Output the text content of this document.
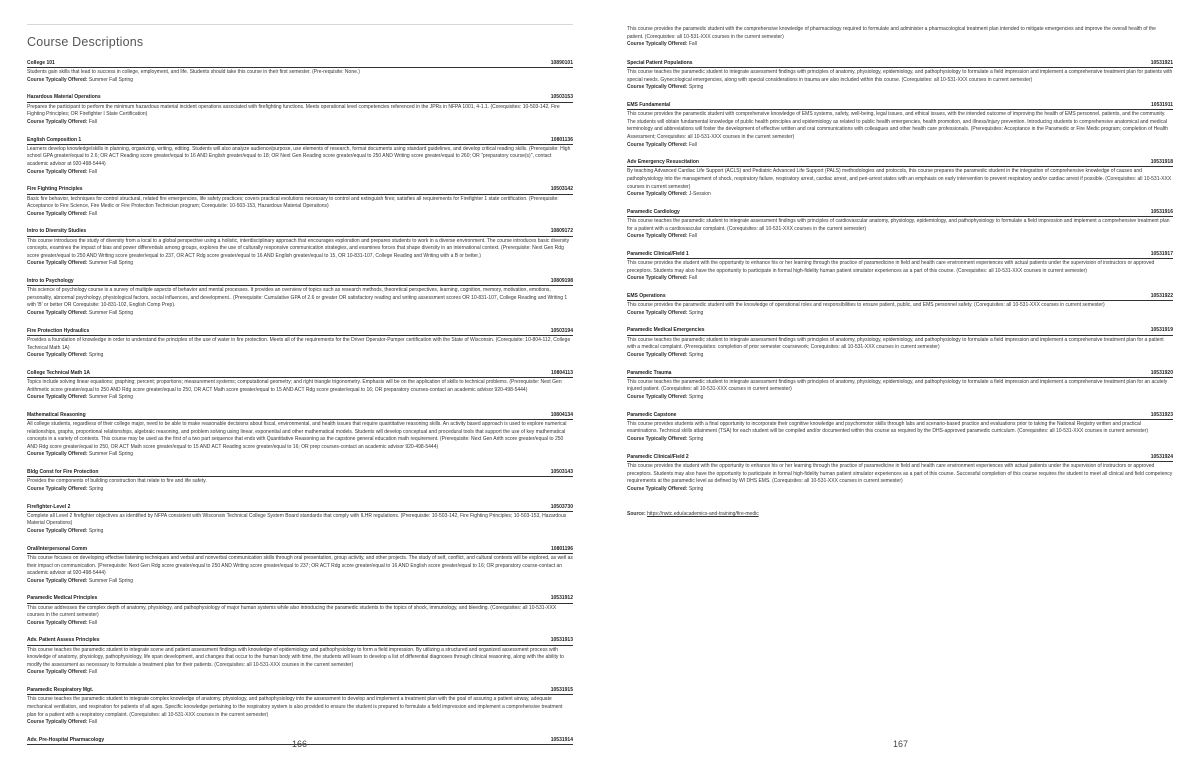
Course Descriptions
College 101	10890101
Students gain skills that lead to success in college, employment, and life. Students should take this course in their first semester. (Pre-requisite: None.)
Course Typically Offered: Summer Fall Spring
Hazardous Material Operations	10503153
Prepares the participant to perform the minimum hazardous material incident operations associated with firefighting functions. Meets operational level competencies referenced in the JPRs in NFPA 1001, 4-1.1. (Corequisites: 10-503-142, Fire Fighting Principles; OR Firefighter I State Certification)
Course Typically Offered: Fall
English Composition 1	10801136
Learners develop knowledge/skills in planning, organizing, writing, editing. Students will also analyze audience/purpose, use elements of research, format documents using standard guidelines, and develop critical reading skills. (Prerequisite: High school GPA greater/equal to 2.6; OR ACT Reading score greater/equal to 16 AND English greater/equal to 18; OR Next Gen Reading score greater/equal to 250 AND Writing score greater/equal to 260; OR "preparatory course(s)", contact academic advisor at 920-498-5444)
Course Typically Offered: Fall
Fire Fighting Principles	10503142
Basic fire behavior, techniques for control structural, related fire emergencies, life safety practices; covers practical evolutions necessary to control and extinguish fires; satisfies all requirements for Firefighter 1 state certification. (Prerequisite: Acceptance to Fire Science, Fire Medic or Fire Protection Technician program; Corequisite: 10-503-153, Hazardous Material Operations)
Course Typically Offered: Fall
Intro to Diversity Studies	10809172
This course introduces the study of diversity from a local to a global perspective using a holistic, interdisciplinary approach that encourages exploration and prepares students to work in a diverse environment. The course introduces basic diversity concepts, examines the impact of bias and power differentials among groups, explores the use of culturally responsive communication strategies, and examines forces that shape diversity in an international context. (Prerequisite: Next Gen Rdg score greater/equal to 250 AND Writing score greater/equal to 237, OR ACT Rdg score greater/equal to 16 AND English greater/equal to 15, OR 10-831-107, College Reading and Writing with a B or better.)
Course Typically Offered: Summer Fall Spring
Intro to Psychology	10809198
This science of psychology course is a survey of multiple aspects of behavior and mental processes. It provides an overview of topics such as research methods, theoretical perspectives, learning, cognition, memory, motivation, emotions, personality, abnormal psychology, physiological factors, social influences, and development.. (Prerequisite: Cumulative GPA of 2.6 or greater OR satisfactory reading and writing assessment scores OR 10-831-107, College Reading and Writing 1 with 'B' or better OR Corequisite: 10-831-102, English Comp Prep).
Course Typically Offered: Summer Fall Spring
Fire Protection Hydraulics	10503194
Provides a foundation of knowledge in order to understand the principles of the use of water in fire protection. Meets all of the requirements for the Driver Operator-Pumper certification with the State of Wisconsin. (Corequisite: 10-804-112, College Technical Math 1A)
Course Typically Offered: Spring
College Technical Math 1A	10804113
Topics include solving linear equations; graphing; percent; proportions; measurement systems; computational geometry; and right triangle trigonometry. Emphasis will be on the application of skills to technical problems. (Prerequisite: Next Gen Arithmetic score greater/equal to 250 AND Rdg score greater/equal to 250, OR ACT Math score greater/equal to 15 AND ACT Rdg score greater/equal to 16; OR preparatory courses-contact an academic advisor 920-498-5444)
Course Typically Offered: Summer Fall Spring
Mathematical Reasoning	10804134
All college students, regardless of their college major, need to be able to make reasonable decisions about fiscal, environmental, and health issues that require quantitative reasoning skills. An activity based approach is used to explore numerical relationships, graphs, proportional relationships, algebraic reasoning, and problem solving using linear, exponential and other mathematical models. Students will develop conceptual and procedural tools that support the use of key mathematical concepts in a variety of contexts. This course may be used as the first of a two part sequence that ends with Quantitative Reasoning as the capstone general education math requirement. (Prerequisite: Next Gen Arith score greater/equal to 250 AND Rdg score greater/equal to 250, OR ACT Math score greater/equal to 15 AND ACT Reading score greater/equal to 16; OR prep courses-contact an academic advisor 920-498-5444)
Course Typically Offered: Summer Fall Spring
Bldg Const for Fire Protection	10503143
Provides the components of building construction that relate to fire and life safety.
Course Typically Offered: Spring
Firefighter-Level 2	10503730
Complete all Level 2 firefighter objectives as identified by NFPA consistent with Wisconsin Technical College System Board standards that comply with ILHR regulations. (Prerequisite: 10-503-142, Fire Fighting Principles; 10-503-153, Hazardous Material Operations)
Course Typically Offered: Spring
Oral/Interpersonal Comm	10801196
This course focuses on developing effective listening techniques and verbal and nonverbal communication skills through oral presentation, group activity, and other projects. The study of self, conflict, and cultural contexts will be explored, as well as their impact on communication. (Prerequisite: Next Gen Rdg score greater/equal to 250 AND Writing score greater/equal to 237; OR ACT Rdg score greater/equal to 16 AND English score greater/equal to 16; OR preparatory course-contact an academic advisor at 920-498-5444)
Course Typically Offered: Summer Fall Spring
Paramedic Medical Principles	10531912
This course addresses the complex depth of anatomy, physiology, and pathophysiology of major human systems while also introducing the paramedic students to the topics of shock, immunology, and bleeding. (Corequisites: all 10-531-XXX courses in the current semester)
Course Typically Offered: Fall
Adv. Patient Assess Principles	10531913
This course teaches the paramedic student to integrate scene and patient assessment findings with knowledge of epidemiology and pathophysiology to form a field impression. By utilizing a structured and organized assessment process with knowledge of anatomy, physiology, pathophysiology, life span development, and changes that occur to the human body with time, the students will learn to develop a list of differential diagnoses through clinical reasoning, along with the ability to modify the assessment as necessary to formulate a treatment plan for their patients. (Corequisites: all 10-531-XXX courses in the current semester)
Course Typically Offered: Fall
Paramedic Respiratory Mgt.	10531915
This course teaches the paramedic student to integrate complex knowledge of anatomy, physiology, and pathophysiology into the assessment to develop and implement a treatment plan with the goal of assuring a patient airway, adequate mechanical ventilation, and respiration for patients of all ages. Specific knowledge pertaining to the respiratory system is also provided to ensure the student is prepared to formulate a field impression and implement a comprehensive treatment plan for a patient with a respiratory complaint. (Corequisites: all 10-531-XXX courses in the current semester)
Course Typically Offered: Fall
Adv. Pre-Hospital Pharmacology	10531914
166
This course provides the paramedic student with the comprehensive knowledge of pharmacology required to formulate and administer a pharmacological treatment plan intended to mitigate emergencies and improve the overall health of the patient. (Corequisites: all 10-531-XXX courses in the current semester)
Course Typically Offered: Fall
Special Patient Populations	10531921
This course teaches the paramedic student to integrate assessment findings with principles of anatomy, physiology, epidemiology, and pathophysiology to formulate a field impression and implement a comprehensive treatment plan for patients with special needs. Gynecological emergencies, along with special considerations in trauma are also included within this course. (Corequisites: all 10-531-XXX courses in current semester)
Course Typically Offered: Spring
EMS Fundamental	10531911
This course provides the paramedic student with comprehensive knowledge of EMS systems, safety, well-being, legal issues, and ethical issues, with the intended outcome of improving the health of EMS personnel, patients, and the community. The students will obtain fundamental knowledge of public health principles and epidemiology as related to public health emergencies, health promotion, and illness/injury prevention. Introducing students to comprehensive anatomical and medical terminology and abbreviations will foster the development of effective written and oral communications with colleagues and other health care professionals. (Prerequisites: Acceptance in the Paramedic or Fire Medic program; completion of Health Assessment; Corequisites: all 10-531-XXX courses in the current semester)
Course Typically Offered: Fall
Adv Emergency Resuscitation	10531918
By teaching Advanced Cardiac Life Support (ACLS) and Pediatric Advanced Life Support (PALS) methodologies and protocols, this course prepares the paramedic student in the integration of comprehensive knowledge of causes and pathophysiology into the management of shock, respiratory failure, respiratory arrest, cardiac arrest, and peri-arrest states with an emphasis on early intervention to prevent respiratory and/or cardiac arrest if possible. (Corequisites: all 10-531-XXX courses in current semester)
Course Typically Offered: J-Session
Paramedic Cardiology	10531916
This course teaches the paramedic student to integrate assessment findings with principles of cardiovascular anatomy, physiology, epidemiology, and pathophysiology to formulate a field impression and implement a comprehensive treatment plan for a patient with a cardiovascular complaint. (Corequisites: all 10-531-XXX courses in the current semester)
Course Typically Offered: Fall
Paramedic Clinical/Field 1	10531917
This course provides the student with the opportunity to enhance his or her learning through the practice of paramedicine in field and health care environment experiences with actual patients under the supervision of instructors or approved preceptors. Students may also have the opportunity to participate in formal high-fidelity human patient simulator experiences as a part of this course. (Corequisites: all 10-531-XXX courses in current semester)
Course Typically Offered: Fall
EMS Operations	10531922
This course provides the paramedic student with the knowledge of operational roles and responsibilities to ensure patient, public, and EMS personnel safety. (Corequisites: all 10-531-XXX courses in current semester)
Course Typically Offered: Spring
Paramedic Medical Emergencies	10531919
This course teaches the paramedic student to integrate assessment findings with principles of anatomy, physiology, epidemiology, and pathophysiology to formulate a field impression and implement a comprehensive treatment plan for a patient with a medical complaint. (Prerequisites: completion of prior semester coursework; Corequisites: all 10-531-XXX courses in current semester)
Course Typically Offered: Spring
Paramedic Trauma	10531920
This course teaches the paramedic student to integrate assessment findings with principles of anatomy, physiology, epidemiology, and pathophysiology to formulate a field impression and implement a comprehensive treatment plan for an acutely injured patient. (Corequisites: all 10-531-XXX courses in current semester)
Course Typically Offered: Spring
Paramedic Capstone	10531923
This course provides students with a final opportunity to incorporate their cognitive knowledge and psychomotor skills through labs and scenario-based practice and evaluations prior to taking the National Registry written and practical examinations. Technical skills attainment (TSA) for each student will be compiled and/or documented within this course as required by the DHS-approved paramedic curriculum. (Corequisites: all 10-531-XXX courses in current semester)
Course Typically Offered: Spring
Paramedic Clinical/Field 2	10531924
This course provides the student with the opportunity to enhance his or her learning through the practice of paramedicine in field and health care environment experiences with actual patients under the supervision of instructors or approved preceptors. Students may also have the opportunity to participate in formal high-fidelity human patient simulator experiences as a part of this course. Successful completion of this course requires the student to meet all clinical and field competency requirements at the paramedic level as defined by WI DHS EMS. (Corequisites: all 10-531-XXX courses in current semester)
Course Typically Offered: Spring
Source: https://nwtc.edu/academics-and-training/fire-medic
167
